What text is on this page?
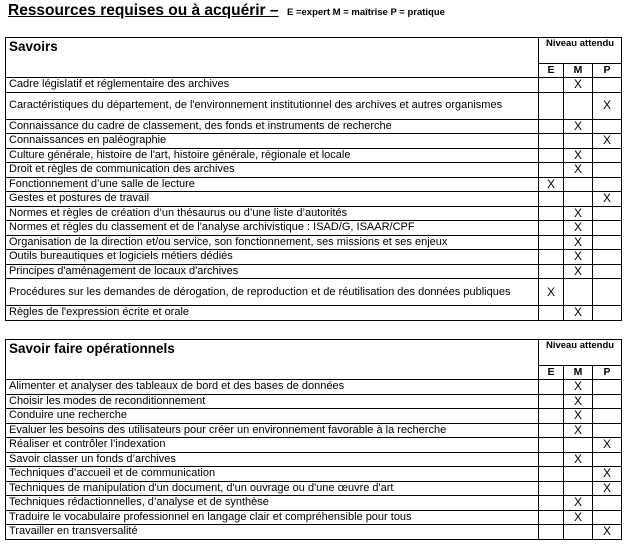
Ressources requises ou à acquérir – E =expert M = maîtrise P = pratique
Savoirs	Niveau attendu		
	E	M	P
Cadre législatif et réglementaire des archives		X	
Caractéristiques du département, de l'environnement institutionnel des archives et autres organismes			X
Connaissance du cadre de classement, des fonds et instruments de recherche		X	
Connaissances en paléographie			X
Culture générale, histoire de l'art, histoire générale, régionale et locale		X	
Droit et règles de communication des archives		X	
Fonctionnement d’une salle de lecture	X		
Gestes et postures de travail			X
Normes et règles de création d’un thésaurus ou d’une liste d’autorités		X	
Normes et règles du classement et de l'analyse archivistique : ISAD/G, ISAAR/CPF		X	
Organisation de la direction et/ou service, son fonctionnement, ses missions et ses enjeux		X	
Outils bureautiques et logiciels métiers dédiés		X	
Principes d'aménagement de locaux d'archives		X	
Procédures sur les demandes de dérogation, de reproduction et de réutilisation des données publiques	X		
Règles de l'expression écrite et orale		X	
Savoir faire opérationnels	Niveau attendu		
	E	M	P
Alimenter et analyser des tableaux de bord et des bases de données		X	
Choisir les modes de reconditionnement		X	
Conduire une recherche		X	
Evaluer les besoins des utilisateurs pour créer un environnement favorable à la recherche		X	
Réaliser et contrôler l’indexation			X
Savoir classer un fonds d’archives		X	
Techniques d’accueil et de communication			X
Techniques de manipulation d'un document, d'un ouvrage ou d'une œuvre d'art			X
Techniques rédactionnelles, d’analyse et de synthèse		X	
Traduire le vocabulaire professionnel en langage clair et compréhensible pour tous		X	
Travailler en transversalité			X
